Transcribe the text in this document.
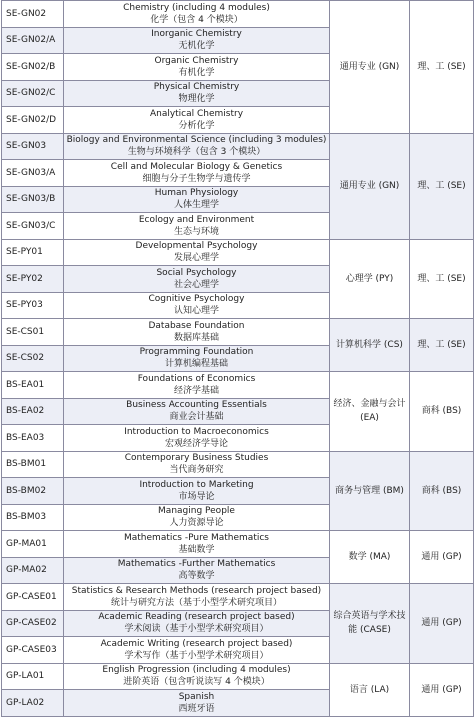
SE-GN02	Chemistry (including 4 modules)
化学（包含 4 个模块）	通用专业 (GN)	理、工 (SE)
SE-GN02/A	Inorganic Chemistry
无机化学		

SE-GN02/B	Organic Chemistry
有机化学		

SE-GN02/C	Physical Chemistry
物理化学		

SE-GN02/D	Analytical Chemistry
分析化学		

SE-GN03	Biology and Environmental Science (including 3 modules)
生物与环境科学（包含 3 个模块）	通用专业 (GN)	理、工 (SE)
SE-GN03/A	Cell and Molecular Biology & Genetics
细胞与分子生物学与遗传学		

SE-GN03/B	Human Physiology
人体生理学		

SE-GN03/C	Ecology and Environment
生态与环境		

SE-PY01	Developmental Psychology
发展心理学	心理学 (PY)	理、工 (SE)
SE-PY02	Social Psychology
社会心理学		

SE-PY03	Cognitive Psychology
认知心理学		

SE-CS01	Database Foundation
数据库基础	计算机科学 (CS)	理、工 (SE)
SE-CS02	Programming Foundation
计算机编程基础		

BS-EA01	Foundations of Economics
经济学基础	经济、金融与会计 (EA)	商科 (BS)
BS-EA02	Business Accounting Essentials
商业会计基础		

BS-EA03	Introduction to Macroeconomics
宏观经济学导论		

BS-BM01	Contemporary Business Studies
当代商务研究	商务与管理 (BM)	商科 (BS)
BS-BM02	Introduction to Marketing
市场导论		

BS-BM03	Managing People
人力资源导论		

GP-MA01	Mathematics -Pure Mathematics
基础数学	数学 (MA)	通用 (GP)
GP-MA02	Mathematics -Further Mathematics
高等数学		

GP-CASE01	Statistics & Research Methods (research project based)
统计与研究方法（基于小型学术研究项目）	综合英语与学术技能 (CASE)	通用 (GP)
GP-CASE02	Academic Reading (research project based)
学术阅读（基于小型学术研究项目）		

GP-CASE03	Academic Writing (research project based)
学术写作（基于小型学术研究项目）		

GP-LA01	English Progression (including 4 modules)
进阶英语（包含听说读写 4 个模块）	语言 (LA)	通用 (GP)
GP-LA02	Spanish
西班牙语		
